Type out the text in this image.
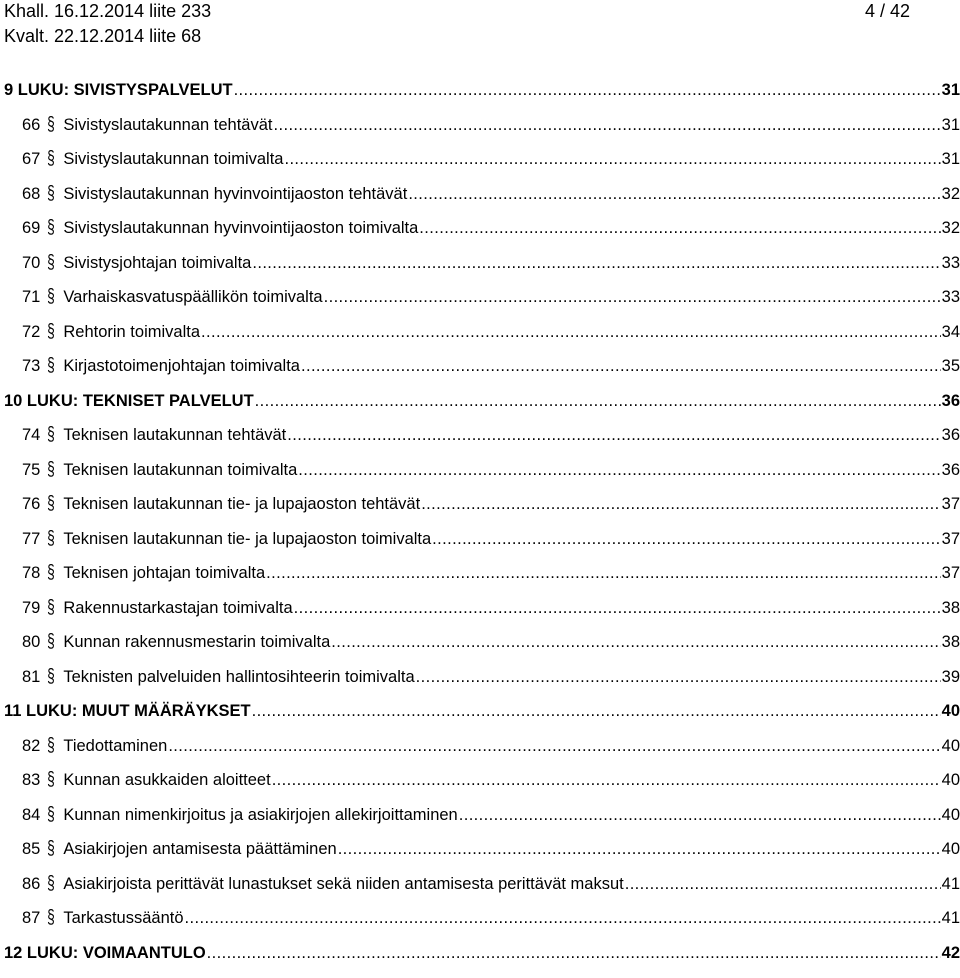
Khall. 16.12.2014 liite 233
Kvalt. 22.12.2014 liite 68
4 / 42
9 LUKU: SIVISTYSPALVELUT .....	31
66 § Sivistyslautakunnan tehtävät .....	31
67 § Sivistyslautakunnan toimivalta .....	31
68 § Sivistyslautakunnan hyvinvointijaoston tehtävät .....	32
69 § Sivistyslautakunnan hyvinvointijaoston toimivalta .....	32
70 § Sivistysjohtajan toimivalta .....	33
71 § Varhaiskasvatuspäällikön toimivalta .....	33
72 § Rehtorin toimivalta .....	34
73 § Kirjastotoimenjohtajan toimivalta .....	35
10 LUKU: TEKNISET PALVELUT .....	36
74 § Teknisen lautakunnan tehtävät .....	36
75 § Teknisen lautakunnan toimivalta .....	36
76 § Teknisen lautakunnan tie- ja lupajaoston tehtävät .....	37
77 § Teknisen lautakunnan tie- ja lupajaoston toimivalta .....	37
78 § Teknisen johtajan toimivalta .....	37
79 § Rakennustarkastajan toimivalta .....	38
80 § Kunnan rakennusmestarin toimivalta .....	38
81 § Teknisten palveluiden hallintosihteerin toimivalta .....	39
11 LUKU: MUUT MÄÄRÄYKSET .....	40
82 § Tiedottaminen .....	40
83 § Kunnan asukkaiden aloitteet .....	40
84 § Kunnan nimenkirjoitus ja asiakirjojen allekirjoittaminen .....	40
85 § Asiakirjojen antamisesta päättäminen .....	40
86 § Asiakirjoista perittävät lunastukset sekä niiden antamisesta perittävät maksut .....	41
87 § Tarkastussääntö .....	41
12 LUKU: VOIMAANTULO .....	42
